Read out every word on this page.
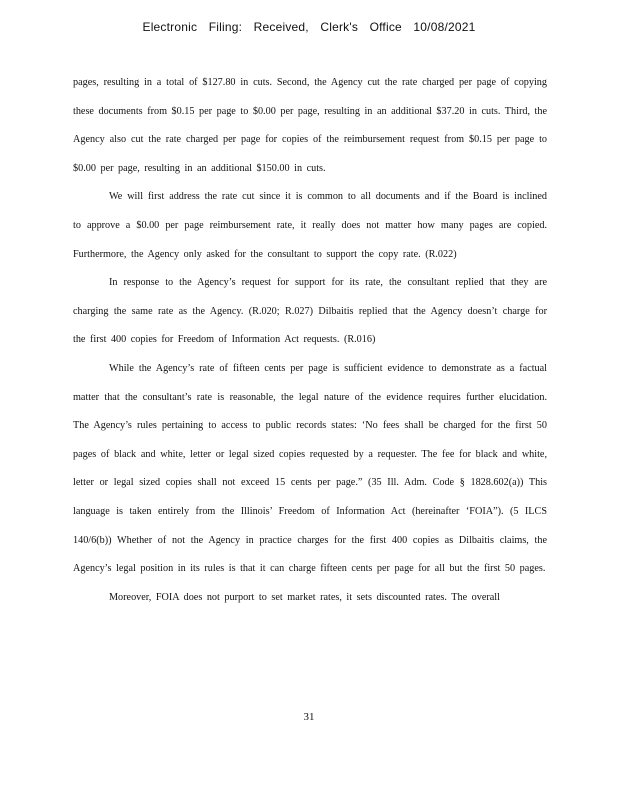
Electronic Filing: Received, Clerk's Office 10/08/2021

pages, resulting in a total of $127.80 in cuts. Second, the Agency cut the rate charged per page of copying these documents from $0.15 per page to $0.00 per page, resulting in an additional $37.20 in cuts. Third, the Agency also cut the rate charged per page for copies of the reimbursement request from $0.15 per page to $0.00 per page, resulting in an additional $150.00 in cuts.

We will first address the rate cut since it is common to all documents and if the Board is inclined to approve a $0.00 per page reimbursement rate, it really does not matter how many pages are copied. Furthermore, the Agency only asked for the consultant to support the copy rate. (R.022)

In response to the Agency’s request for support for its rate, the consultant replied that they are charging the same rate as the Agency. (R.020; R.027) Dilbaitis replied that the Agency doesn’t charge for the first 400 copies for Freedom of Information Act requests. (R.016)

While the Agency’s rate of fifteen cents per page is sufficient evidence to demonstrate as a factual matter that the consultant’s rate is reasonable, the legal nature of the evidence requires further elucidation. The Agency’s rules pertaining to access to public records states: ‘No fees shall be charged for the first 50 pages of black and white, letter or legal sized copies requested by a requester. The fee for black and white, letter or legal sized copies shall not exceed 15 cents per page.” (35 Ill. Adm. Code § 1828.602(a)) This language is taken entirely from the Illinois’ Freedom of Information Act (hereinafter ‘FOIA”). (5 ILCS 140/6(b)) Whether of not the Agency in practice charges for the first 400 copies as Dilbaitis claims, the Agency’s legal position in its rules is that it can charge fifteen cents per page for all but the first 50 pages.

Moreover, FOIA does not purport to set market rates, it sets discounted rates. The overall

31
